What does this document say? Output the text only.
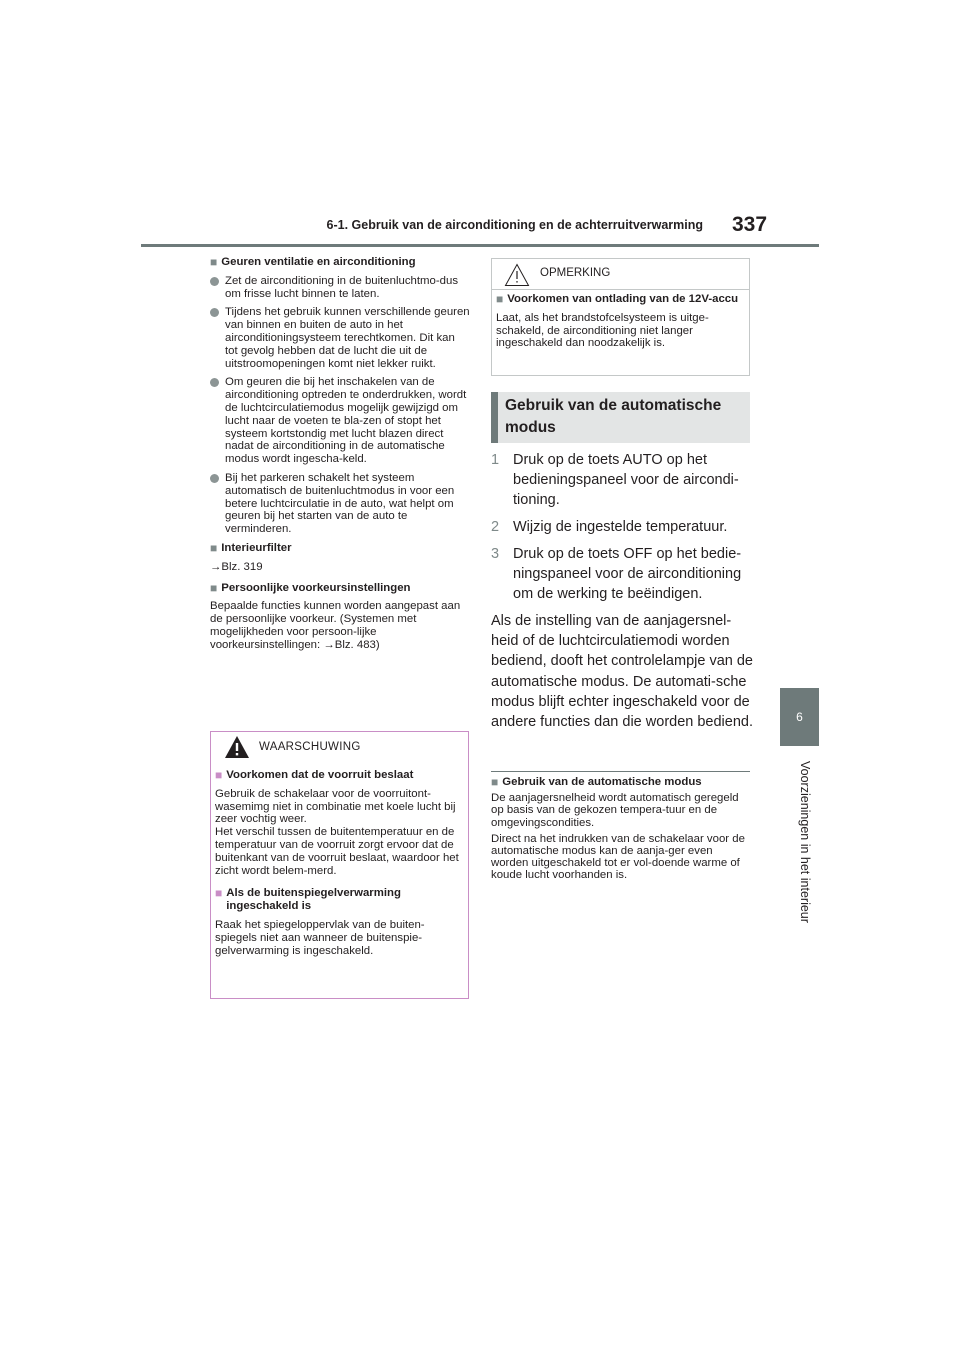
6-1. Gebruik van de airconditioning en de achterruitverwarming 337
6
Voorzieningen in het interieur
■ Geuren ventilatie en airconditioning
Zet de airconditioning in de buitenluchtmo-dus om frisse lucht binnen te laten.
Tijdens het gebruik kunnen verschillende geuren van binnen en buiten de auto in het airconditioningsysteem terechtkomen. Dit kan tot gevolg hebben dat de lucht die uit de uitstroomopeningen komt niet lekker ruikt.
Om geuren die bij het inschakelen van de airconditioning optreden te onderdrukken, wordt de luchtcirculatiemodus mogelijk gewijzigd om lucht naar de voeten te bla-zen of stopt het systeem kortstondig met lucht blazen direct nadat de airconditioning in de automatische modus wordt ingescha-keld.
Bij het parkeren schakelt het systeem automatisch de buitenluchtmodus in voor een betere luchtcirculatie in de auto, wat helpt om geuren bij het starten van de auto te verminderen.
■ Interieurfilter
→Blz. 319
■ Persoonlijke voorkeursinstellingen
Bepaalde functies kunnen worden aangepast aan de persoonlijke voorkeur. (Systemen met mogelijkheden voor persoon-lijke voorkeursinstellingen: →Blz. 483)
WAARSCHUWING
■ Voorkomen dat de voorruit beslaat
Gebruik de schakelaar voor de voorruitont-wasemimg niet in combinatie met koele lucht bij zeer vochtig weer.
Het verschil tussen de buitentemperatuur en de temperatuur van de voorruit zorgt ervoor dat de buitenkant van de voorruit beslaat, waardoor het zicht wordt belem-merd.
■ Als de buitenspiegelverwarming ingeschakeld is
Raak het spiegeloppervlak van de buiten-spiegels niet aan wanneer de buitenspie-gelverwarming is ingeschakeld.
OPMERKING
■ Voorkomen van ontlading van de 12V-accu
Laat, als het brandstofcelsysteem is uitge-schakeld, de airconditioning niet langer ingeschakeld dan noodzakelijk is.
Gebruik van de automatische modus
1 Druk op de toets AUTO op het bedieningspaneel voor de aircondi-tioning.
2 Wijzig de ingestelde temperatuur.
3 Druk op de toets OFF op het bedie-ningspaneel voor de airconditioning om de werking te beëindigen.
Als de instelling van de aanjagersnel-heid of de luchtcirculatiemodi worden bediend, dooft het controlelampje van de automatische modus. De automati-sche modus blijft echter ingeschakeld voor de andere functies dan die worden bediend.
■ Gebruik van de automatische modus
De aanjagersnelheid wordt automatisch geregeld op basis van de gekozen tempera-tuur en de omgevingscondities.
Direct na het indrukken van de schakelaar voor de automatische modus kan de aanja-ger even worden uitgeschakeld tot er vol-doende warme of koude lucht voorhanden is.
